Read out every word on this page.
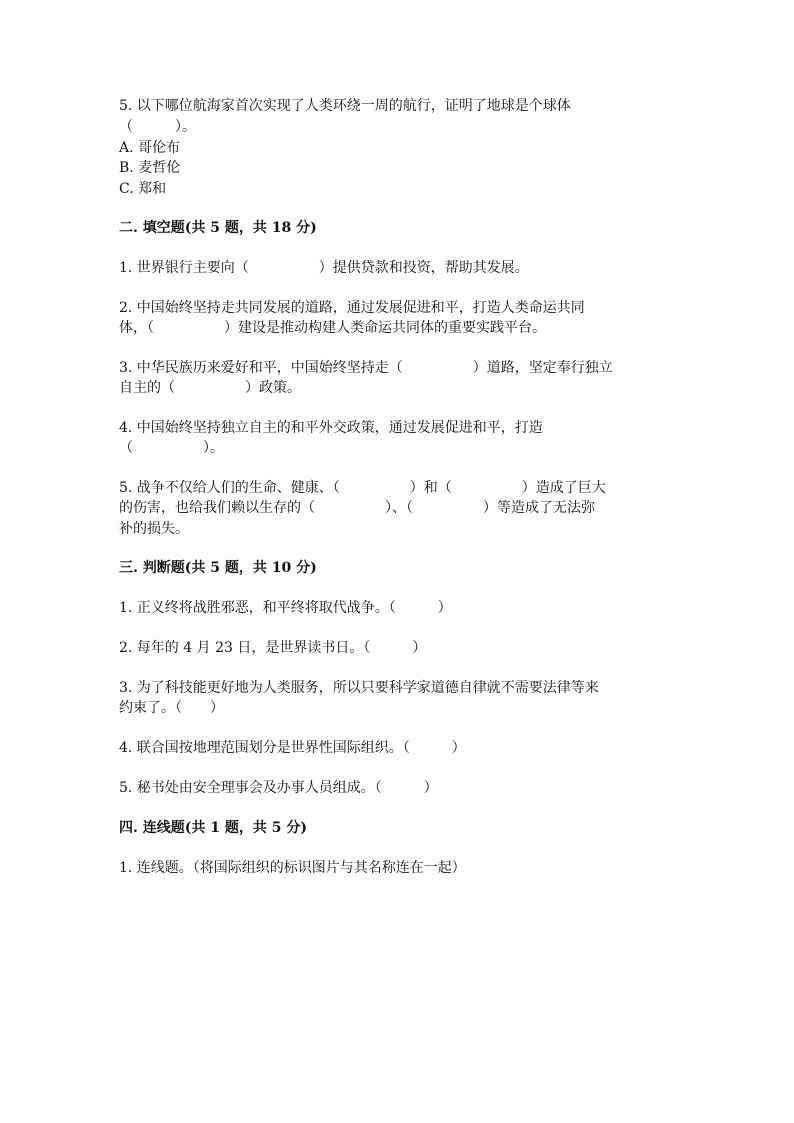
5. 以下哪位航海家首次实现了人类环绕一周的航行，证明了地球是个球体
（　　　）。
A. 哥伦布
B. 麦哲伦
C. 郑和
二. 填空题(共 5 题，共 18 分)
1. 世界银行主要向（　　　　　）提供贷款和投资，帮助其发展。
2. 中国始终坚持走共同发展的道路，通过发展促进和平，打造人类命运共同
体，（　　　　　）建设是推动构建人类命运共同体的重要实践平台。
3. 中华民族历来爱好和平，中国始终坚持走（　　　　　）道路，坚定奉行独立
自主的（　　　　　）政策。
4. 中国始终坚持独立自主的和平外交政策，通过发展促进和平，打造
（　　　　　）。
5. 战争不仅给人们的生命、健康、（　　　　　）和（　　　　　）造成了巨大
的伤害，也给我们赖以生存的（　　　　　）、（　　　　　）等造成了无法弥
补的损失。
三. 判断题(共 5 题，共 10 分)
1. 正义终将战胜邪恶，和平终将取代战争。（　　　）
2. 每年的 4 月 23 日，是世界读书日。（　　　）
3. 为了科技能更好地为人类服务，所以只要科学家道德自律就不需要法律等来
约束了。（　　）
4. 联合国按地理范围划分是世界性国际组织。（　　　）
5. 秘书处由安全理事会及办事人员组成。（　　　）
四. 连线题(共 1 题，共 5 分)
1. 连线题。（将国际组织的标识图片与其名称连在一起）
